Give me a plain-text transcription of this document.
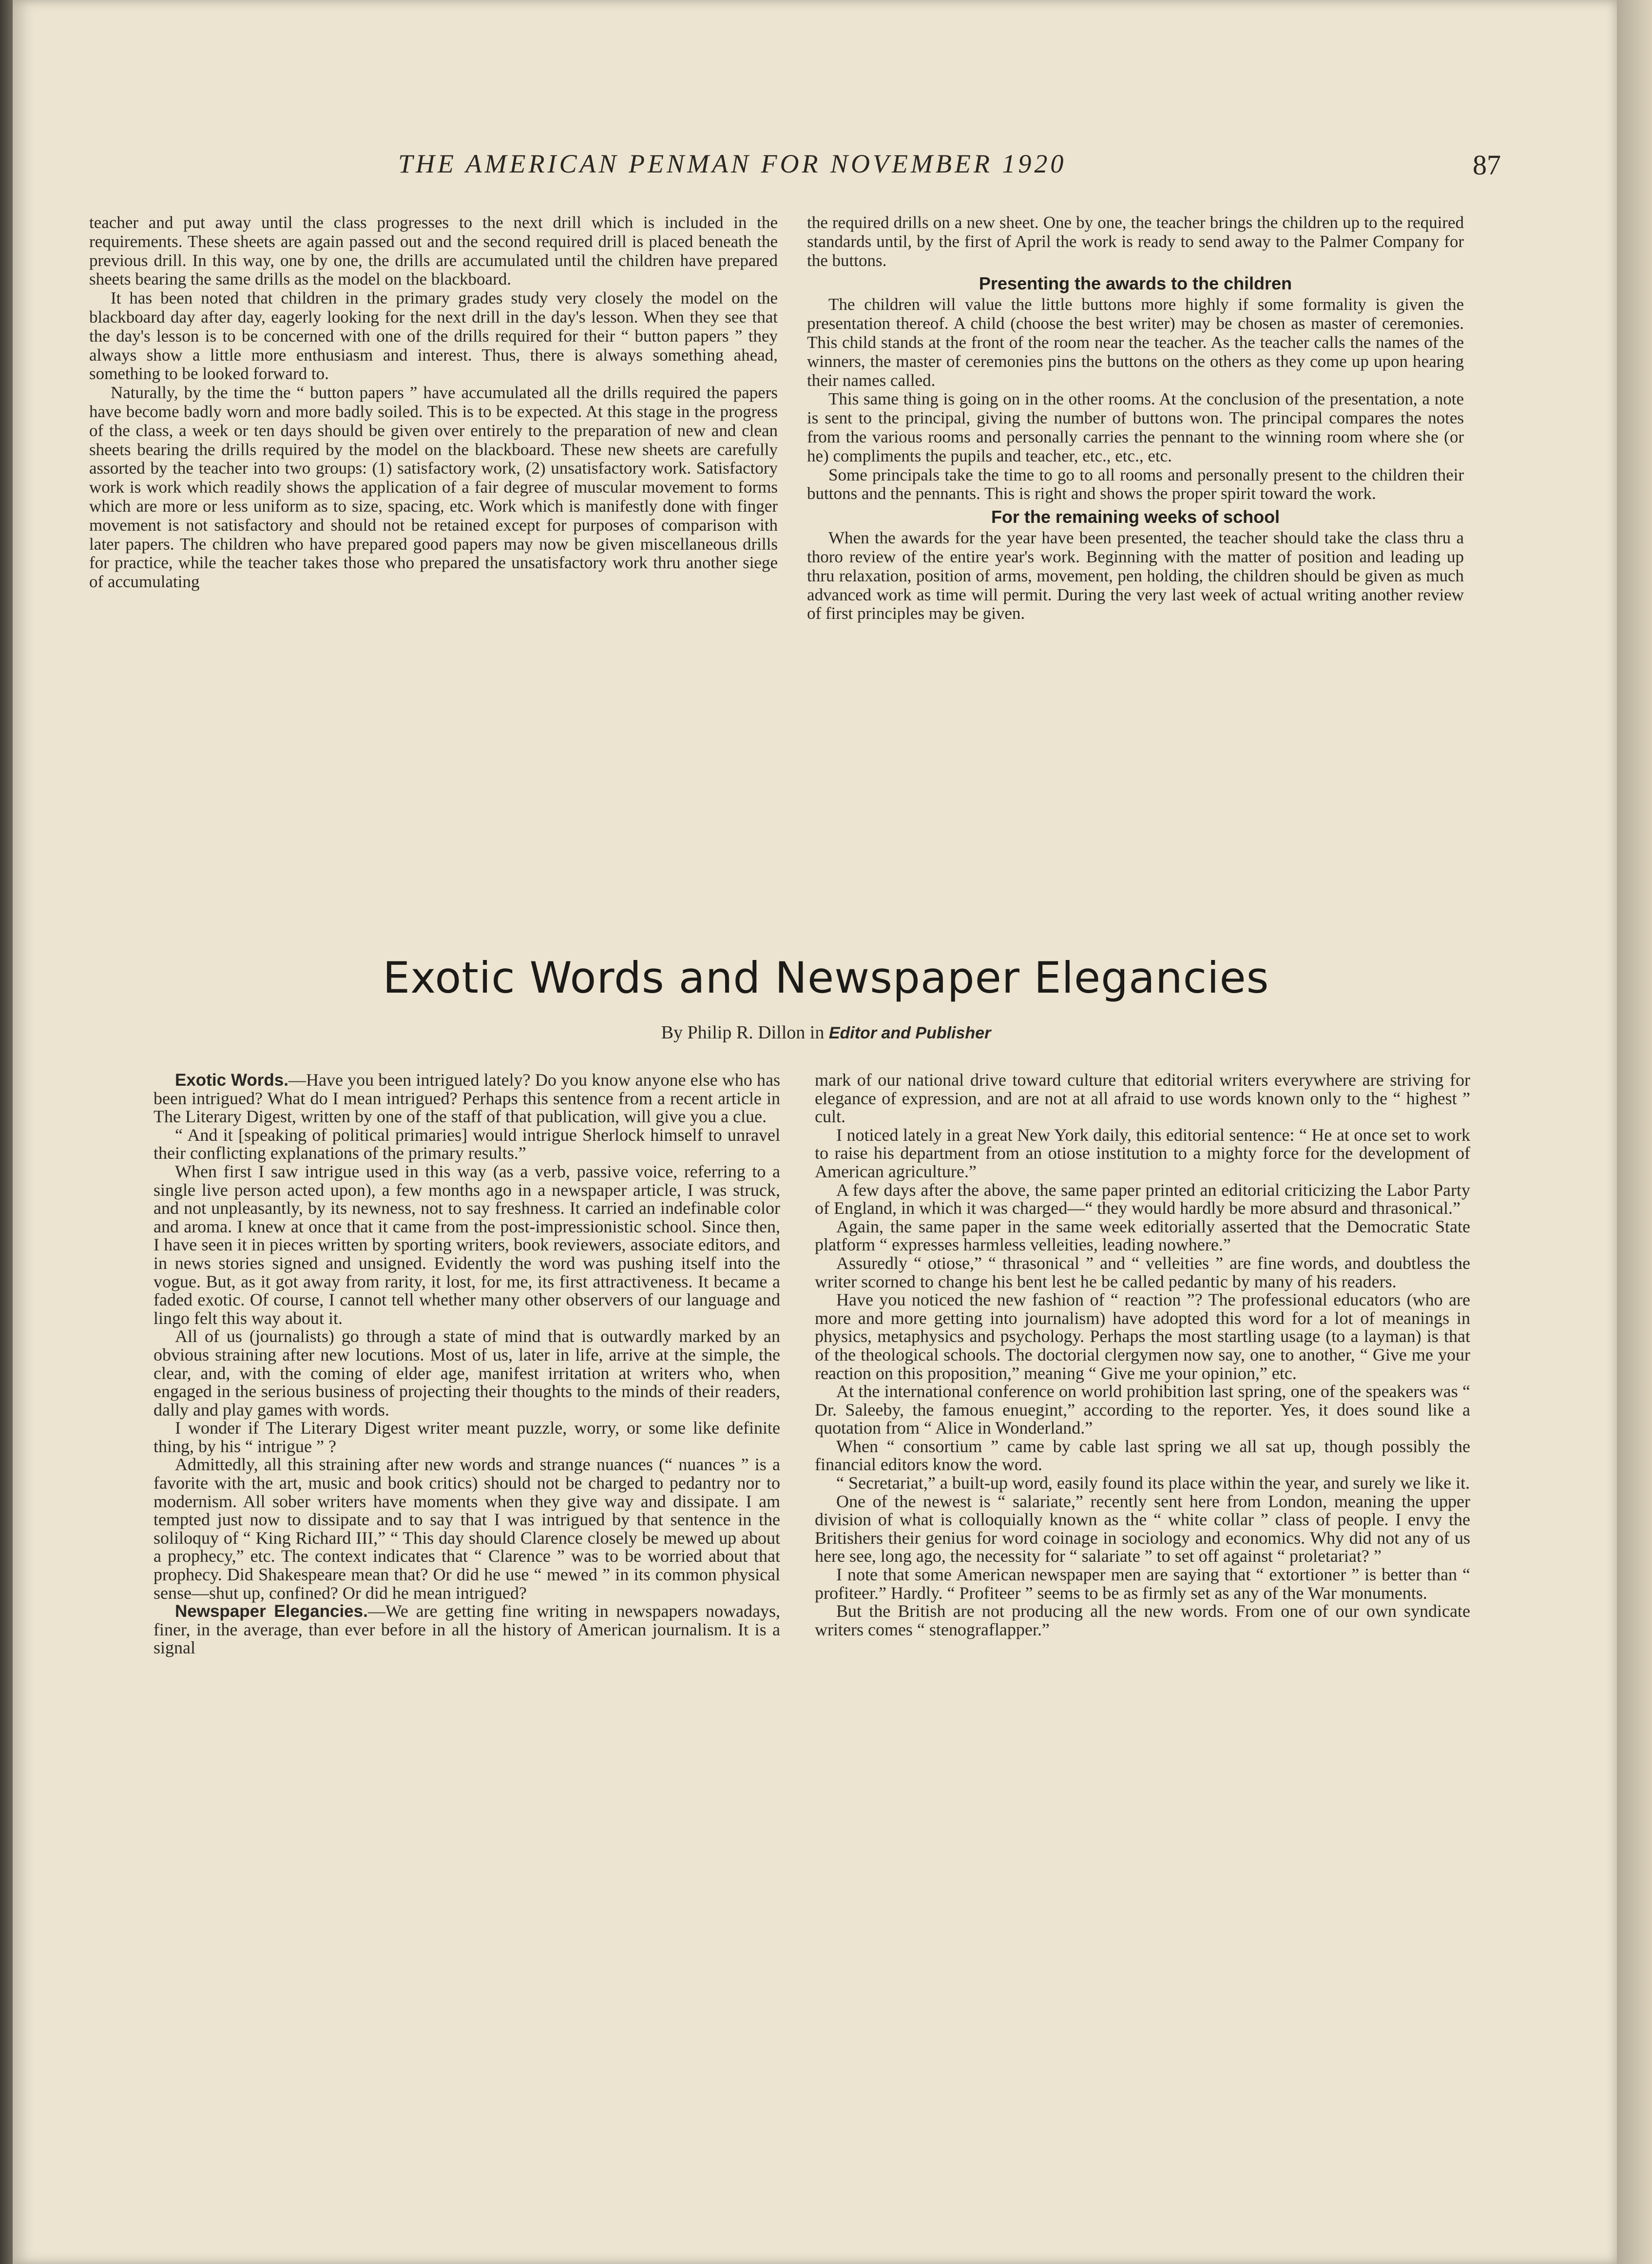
THE AMERICAN PENMAN FOR NOVEMBER 1920	87

teacher and put away until the class progresses to the next drill which is included in the requirements. These sheets are again passed out and the second required drill is placed beneath the previous drill. In this way, one by one, the drills are accumulated until the children have prepared sheets bearing the same drills as the model on the blackboard.

It has been noted that children in the primary grades study very closely the model on the blackboard day after day, eagerly looking for the next drill in the day's lesson. When they see that the day's lesson is to be concerned with one of the drills required for their “ button papers ” they always show a little more enthusiasm and interest. Thus, there is always something ahead, something to be looked forward to.

Naturally, by the time the “ button papers ” have accumulated all the drills required the papers have become badly worn and more badly soiled. This is to be expected. At this stage in the progress of the class, a week or ten days should be given over entirely to the preparation of new and clean sheets bearing the drills required by the model on the blackboard. These new sheets are carefully assorted by the teacher into two groups: (1) satisfactory work, (2) unsatisfactory work. Satisfactory work is work which readily shows the application of a fair degree of muscular movement to forms which are more or less uniform as to size, spacing, etc. Work which is manifestly done with finger movement is not satisfactory and should not be retained except for purposes of comparison with later papers. The children who have prepared good papers may now be given miscellaneous drills for practice, while the teacher takes those who prepared the unsatisfactory work thru another siege of accumulating

the required drills on a new sheet. One by one, the teacher brings the children up to the required standards until, by the first of April the work is ready to send away to the Palmer Company for the buttons.

Presenting the awards to the children

The children will value the little buttons more highly if some formality is given the presentation thereof. A child (choose the best writer) may be chosen as master of ceremonies. This child stands at the front of the room near the teacher. As the teacher calls the names of the winners, the master of ceremonies pins the buttons on the others as they come up upon hearing their names called.

This same thing is going on in the other rooms. At the conclusion of the presentation, a note is sent to the principal, giving the number of buttons won. The principal compares the notes from the various rooms and personally carries the pennant to the winning room where she (or he) compliments the pupils and teacher, etc., etc., etc.

Some principals take the time to go to all rooms and personally present to the children their buttons and the pennants. This is right and shows the proper spirit toward the work.

For the remaining weeks of school

When the awards for the year have been presented, the teacher should take the class thru a thoro review of the entire year's work. Beginning with the matter of position and leading up thru relaxation, position of arms, movement, pen holding, the children should be given as much advanced work as time will permit. During the very last week of actual writing another review of first principles may be given.

Exotic Words and Newspaper Elegancies
By Philip R. Dillon in Editor and Publisher

Exotic Words.—Have you been intrigued lately? Do you know anyone else who has been intrigued? What do I mean intrigued? Perhaps this sentence from a recent article in The Literary Digest, written by one of the staff of that publication, will give you a clue.

“ And it [speaking of political primaries] would intrigue Sherlock himself to unravel their conflicting explanations of the primary results.”

When first I saw intrigue used in this way (as a verb, passive voice, referring to a single live person acted upon), a few months ago in a newspaper article, I was struck, and not unpleasantly, by its newness, not to say freshness. It carried an indefinable color and aroma. I knew at once that it came from the post-impressionistic school. Since then, I have seen it in pieces written by sporting writers, book reviewers, associate editors, and in news stories signed and unsigned. Evidently the word was pushing itself into the vogue. But, as it got away from rarity, it lost, for me, its first attractiveness. It became a faded exotic. Of course, I cannot tell whether many other observers of our language and lingo felt this way about it.

All of us (journalists) go through a state of mind that is outwardly marked by an obvious straining after new locutions. Most of us, later in life, arrive at the simple, the clear, and, with the coming of elder age, manifest irritation at writers who, when engaged in the serious business of projecting their thoughts to the minds of their readers, dally and play games with words.

I wonder if The Literary Digest writer meant puzzle, worry, or some like definite thing, by his “ intrigue ” ?

Admittedly, all this straining after new words and strange nuances (“ nuances ” is a favorite with the art, music and book critics) should not be charged to pedantry nor to modernism. All sober writers have moments when they give way and dissipate. I am tempted just now to dissipate and to say that I was intrigued by that sentence in the soliloquy of “ King Richard III,” “ This day should Clarence closely be mewed up about a prophecy,” etc. The context indicates that “ Clarence ” was to be worried about that prophecy. Did Shakespeare mean that? Or did he use “ mewed ” in its common physical sense—shut up, confined? Or did he mean intrigued?

Newspaper Elegancies.—We are getting fine writing in newspapers nowadays, finer, in the average, than ever before in all the history of American journalism. It is a signal

mark of our national drive toward culture that editorial writers everywhere are striving for elegance of expression, and are not at all afraid to use words known only to the “ highest ” cult.

I noticed lately in a great New York daily, this editorial sentence: “ He at once set to work to raise his department from an otiose institution to a mighty force for the development of American agriculture.”

A few days after the above, the same paper printed an editorial criticizing the Labor Party of England, in which it was charged—“ they would hardly be more absurd and thrasonical.”

Again, the same paper in the same week editorially asserted that the Democratic State platform “ expresses harmless velleities, leading nowhere.”

Assuredly “ otiose,” “ thrasonical ” and “ velleities ” are fine words, and doubtless the writer scorned to change his bent lest he be called pedantic by many of his readers.

Have you noticed the new fashion of “ reaction ”? The professional educators (who are more and more getting into journalism) have adopted this word for a lot of meanings in physics, metaphysics and psychology. Perhaps the most startling usage (to a layman) is that of the theological schools. The doctorial clergymen now say, one to another, “ Give me your reaction on this proposition,” meaning “ Give me your opinion,” etc.

At the international conference on world prohibition last spring, one of the speakers was “ Dr. Saleeby, the famous enuegint,” according to the reporter. Yes, it does sound like a quotation from “ Alice in Wonderland.”

When “ consortium ” came by cable last spring we all sat up, though possibly the financial editors know the word.

“ Secretariat,” a built-up word, easily found its place within the year, and surely we like it.

One of the newest is “ salariate,” recently sent here from London, meaning the upper division of what is colloquially known as the “ white collar ” class of people. I envy the Britishers their genius for word coinage in sociology and economics. Why did not any of us here see, long ago, the necessity for “ salariate ” to set off against “ proletariat? ”

I note that some American newspaper men are saying that “ extortioner ” is better than “ profiteer.” Hardly. “ Profiteer ” seems to be as firmly set as any of the War monuments.

But the British are not producing all the new words. From one of our own syndicate writers comes “ stenograflapper.”
